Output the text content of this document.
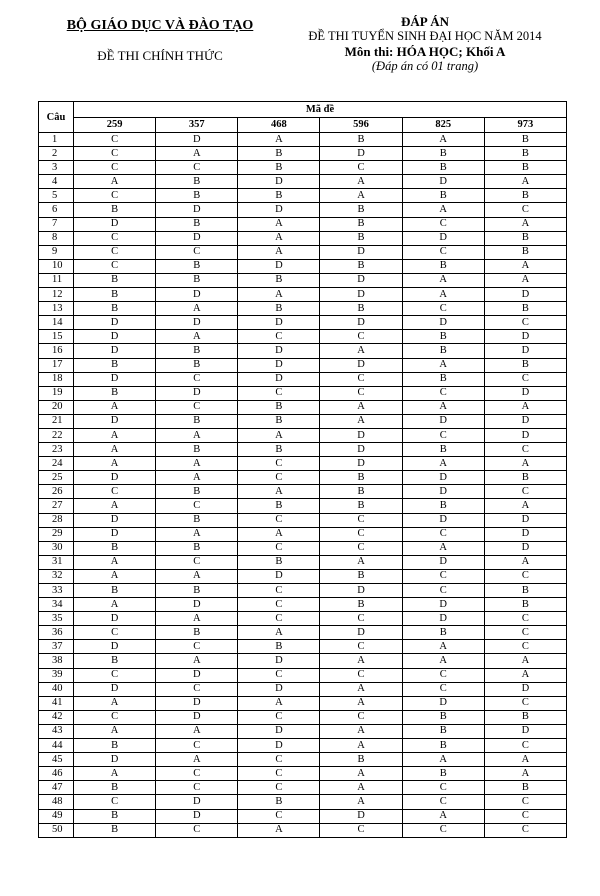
BỘ GIÁO DỤC VÀ ĐÀO TẠO
ĐỀ THI CHÍNH THỨC
ĐÁP ÁN
ĐỀ THI TUYỂN SINH ĐẠI HỌC NĂM 2014
Môn thi: HÓA HỌC; Khối A
(Đáp án có 01 trang)
Câu	Mã đề					
	259	357	468	596	825	973
1	C	D	A	B	A	B
2	C	A	B	D	B	B
3	C	C	B	C	B	B
4	A	B	D	A	D	A
5	C	B	B	A	B	B
6	B	D	D	B	A	C
7	D	B	A	B	C	A
8	C	D	A	B	D	B
9	C	C	A	D	C	B
10	C	B	D	B	B	A
11	B	B	B	D	A	A
12	B	D	A	D	A	D
13	B	A	B	B	C	B
14	D	D	D	D	D	C
15	D	A	C	C	B	D
16	D	B	D	A	B	D
17	B	B	D	D	A	B
18	D	C	D	C	B	C
19	B	D	C	C	C	D
20	A	C	B	A	A	A
21	D	B	B	A	D	D
22	A	A	A	D	C	D
23	A	B	B	D	B	C
24	A	A	C	D	A	A
25	D	A	C	B	D	B
26	C	B	A	B	D	C
27	A	C	B	B	B	A
28	D	B	C	C	D	D
29	D	A	A	C	C	D
30	B	B	C	C	A	D
31	A	C	B	A	D	A
32	A	A	D	B	C	C
33	B	B	C	D	C	B
34	A	D	C	B	D	B
35	D	A	C	C	D	C
36	C	B	A	D	B	C
37	D	C	B	C	A	C
38	B	A	D	A	A	A
39	C	D	C	C	C	A
40	D	C	D	A	C	D
41	A	D	A	A	D	C
42	C	D	C	C	B	B
43	A	A	D	A	B	D
44	B	C	D	A	B	C
45	D	A	C	B	A	A
46	A	C	C	A	B	A
47	B	C	C	A	C	B
48	C	D	B	A	C	C
49	B	D	C	D	A	C
50	B	C	A	C	C	C
